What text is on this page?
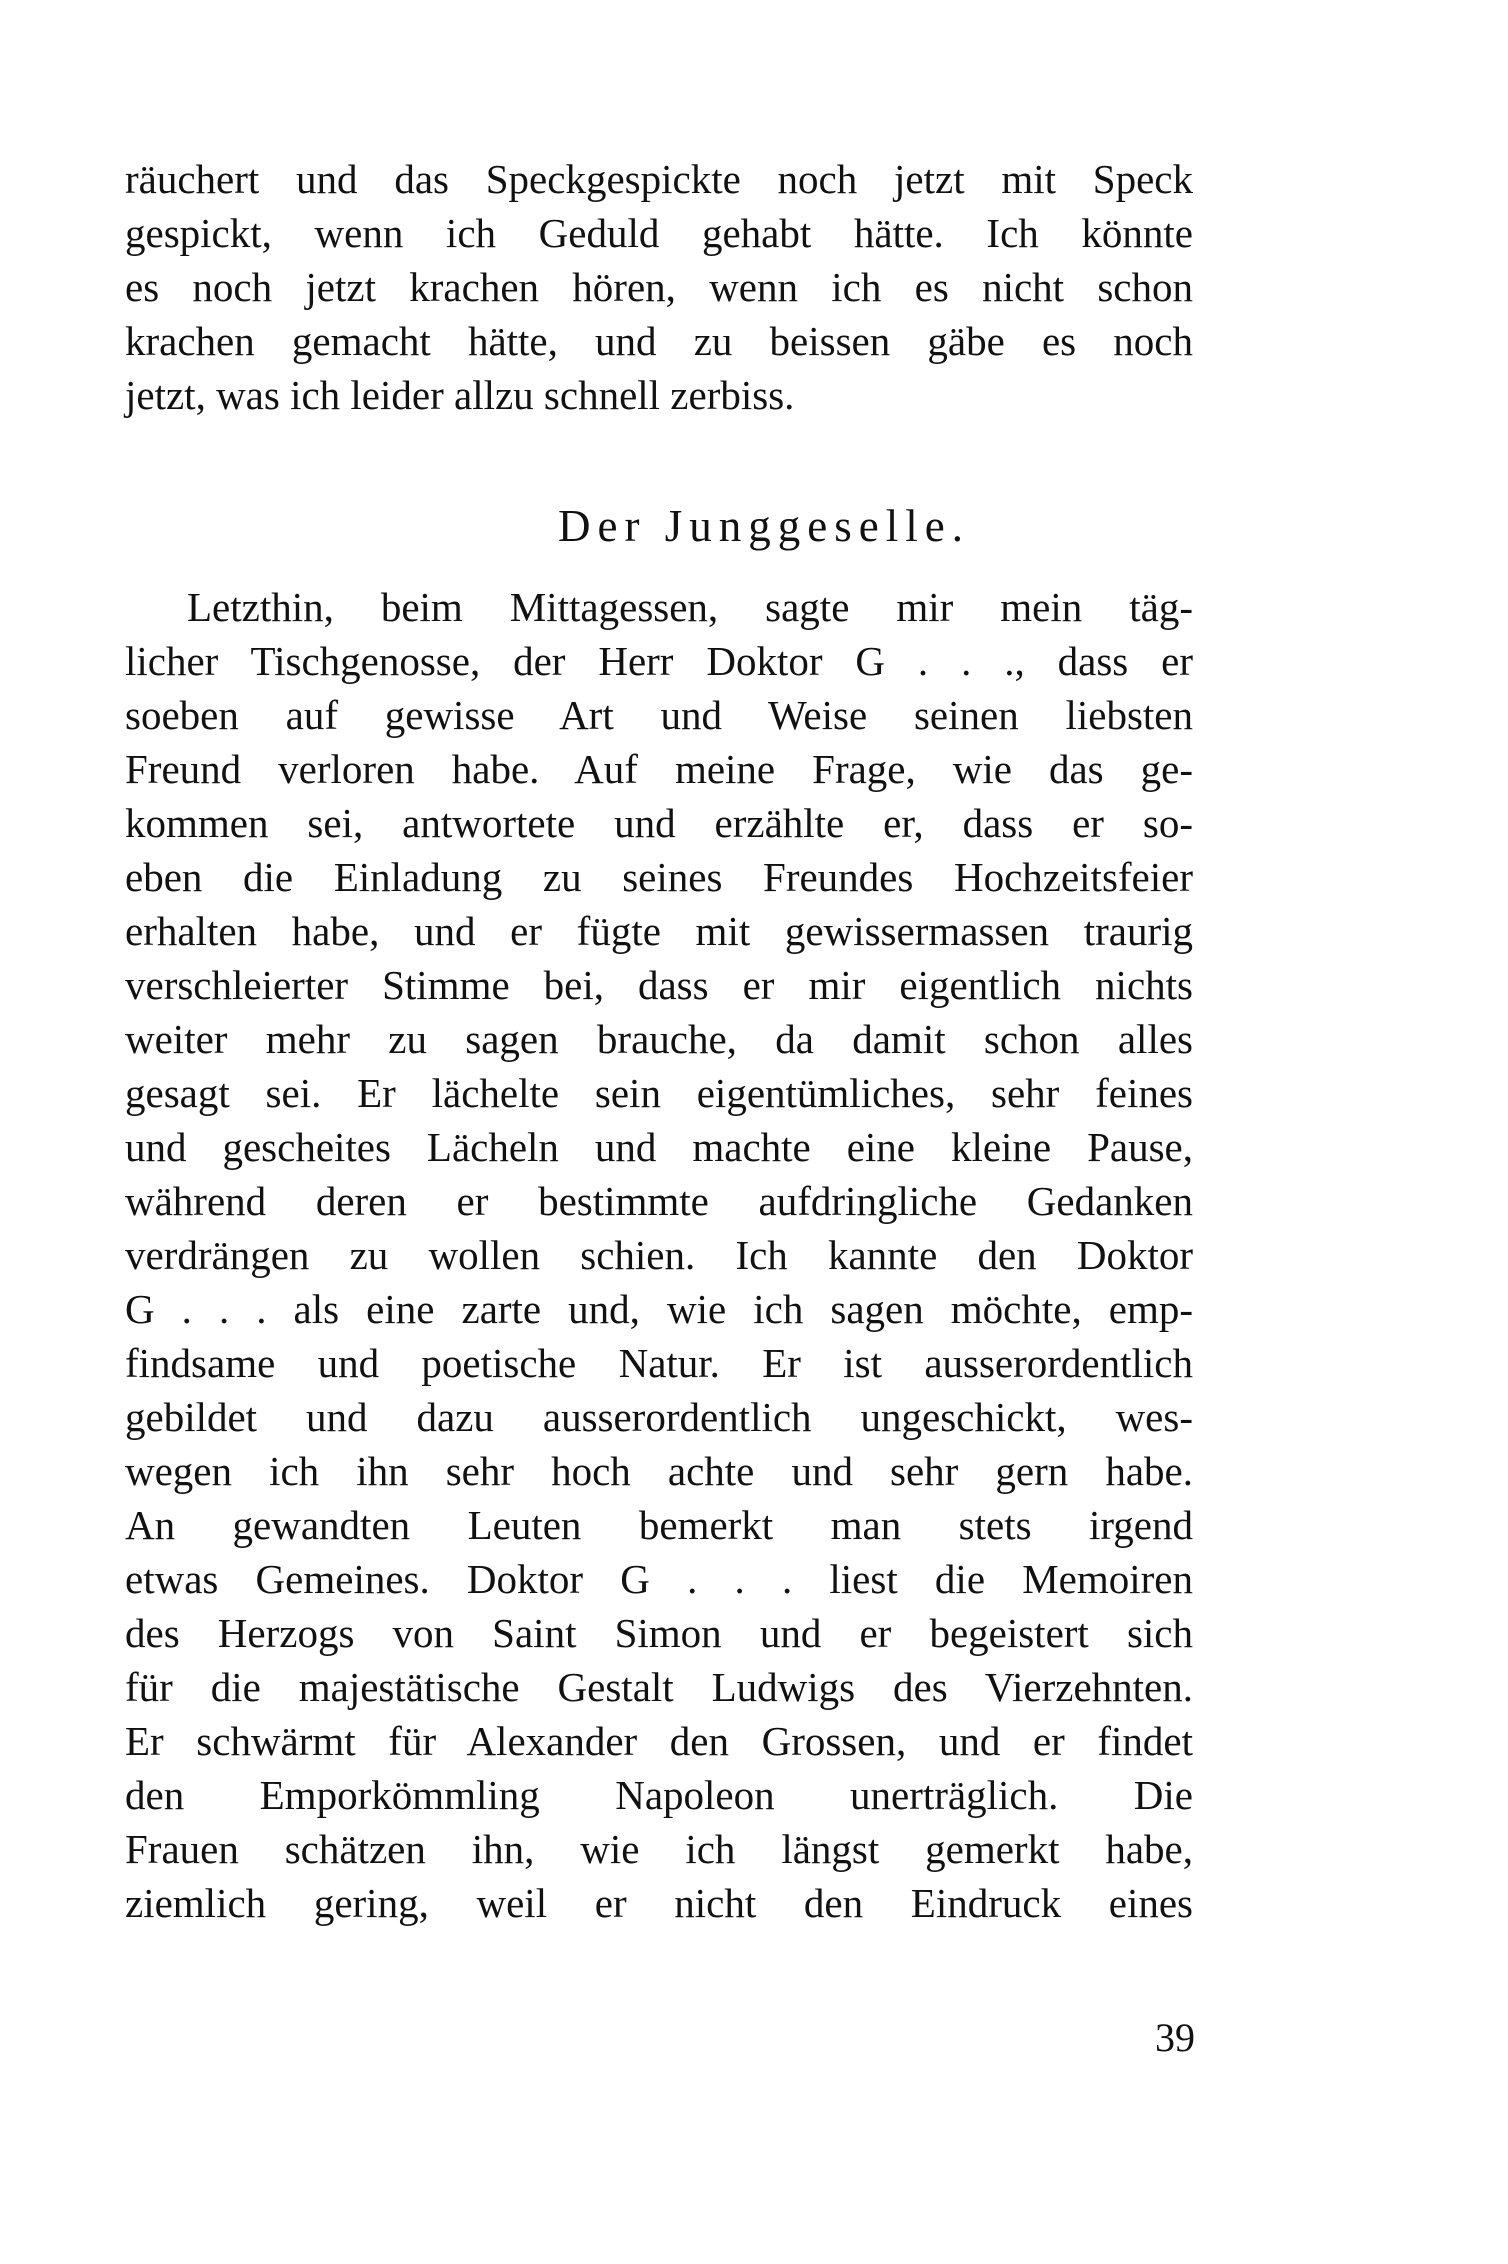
räuchert und das Speckgespickte noch jetzt mit Speck
gespickt, wenn ich Geduld gehabt hätte. Ich könnte
es noch jetzt krachen hören, wenn ich es nicht schon
krachen gemacht hätte, und zu beissen gäbe es noch
jetzt, was ich leider allzu schnell zerbiss.
Der Junggeselle.
Letzthin, beim Mittagessen, sagte mir mein täg-
licher Tischgenosse, der Herr Doktor G . . ., dass er
soeben auf gewisse Art und Weise seinen liebsten
Freund verloren habe. Auf meine Frage, wie das ge-
kommen sei, antwortete und erzählte er, dass er so-
eben die Einladung zu seines Freundes Hochzeitsfeier
erhalten habe, und er fügte mit gewissermassen traurig
verschleierter Stimme bei, dass er mir eigentlich nichts
weiter mehr zu sagen brauche, da damit schon alles
gesagt sei. Er lächelte sein eigentümliches, sehr feines
und gescheites Lächeln und machte eine kleine Pause,
während deren er bestimmte aufdringliche Gedanken
verdrängen zu wollen schien. Ich kannte den Doktor
G . . . als eine zarte und, wie ich sagen möchte, emp-
findsame und poetische Natur. Er ist ausserordentlich
gebildet und dazu ausserordentlich ungeschickt, wes-
wegen ich ihn sehr hoch achte und sehr gern habe.
An gewandten Leuten bemerkt man stets irgend
etwas Gemeines. Doktor G . . . liest die Memoiren
des Herzogs von Saint Simon und er begeistert sich
für die majestätische Gestalt Ludwigs des Vierzehnten.
Er schwärmt für Alexander den Grossen, und er findet
den Emporkömmling Napoleon unerträglich. Die
Frauen schätzen ihn, wie ich längst gemerkt habe,
ziemlich gering, weil er nicht den Eindruck eines
39
